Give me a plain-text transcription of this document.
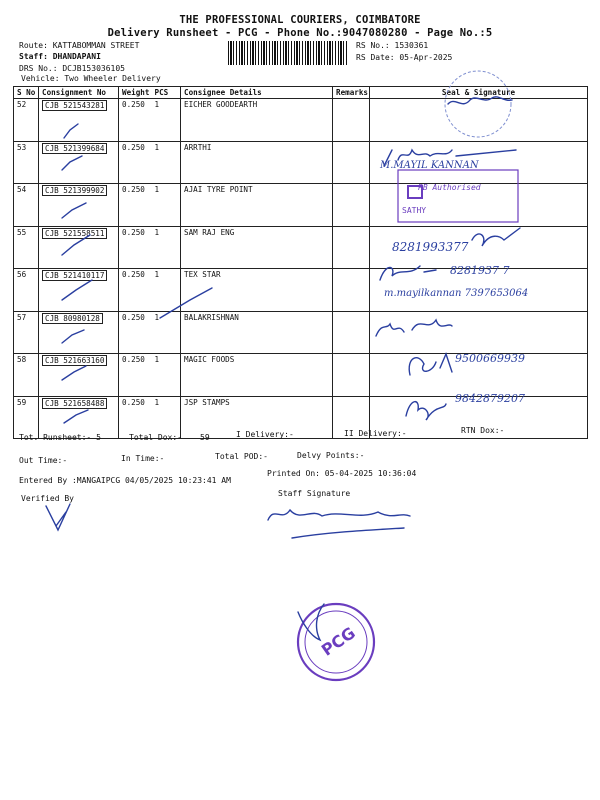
THE PROFESSIONAL COURIERS, COIMBATORE
Delivery Runsheet - PCG - Phone No.:9047080280 - Page No.:5
Route: KATTABOMMAN STREET
Staff: DHANDAPANI
DRS No.: DCJB153036105
Vehicle: Two Wheeler Delivery
RS No.: 1530361
RS Date: 05-Apr-2025
S No	Consignment No	Weight	PCS	Consignee Details	Remarks	Seal & Signature
52	CJB 521543281	0.250	1	EICHER GOODEARTH		
53	CJB 521399684	0.250	1	ARRTHI		
54	CJB 521399902	0.250	1	AJAI TYRE POINT		
55	CJB 521558511	0.250	1	SAM RAJ ENG		
56	CJB 521410117	0.250	1	TEX STAR		
57	CJB 80980128	0.250	1	BALAKRISHNAN		
58	CJB 521663160	0.250	1	MAGIC FOODS		
59	CJB 521658488	0.250	1	JSP STAMPS		
M.MAYIL KANNAN
PB Authorised
SATHY
8281993377
8281937 7
m.mayilkannan 7397653064
9500669939
9842879207
PCG
Tot. Runsheet:- 5	Total Dox:- 59	I Delivery:-	II Delivery:-	RTN Dox:-
Out Time:-	In Time:-	Total POD:-	Delvy Points:-
Entered By :MANGAIPCG 04/05/2025 10:23:41 AM
Printed On: 05-04-2025 10:36:04
Verified By
Staff Signature
